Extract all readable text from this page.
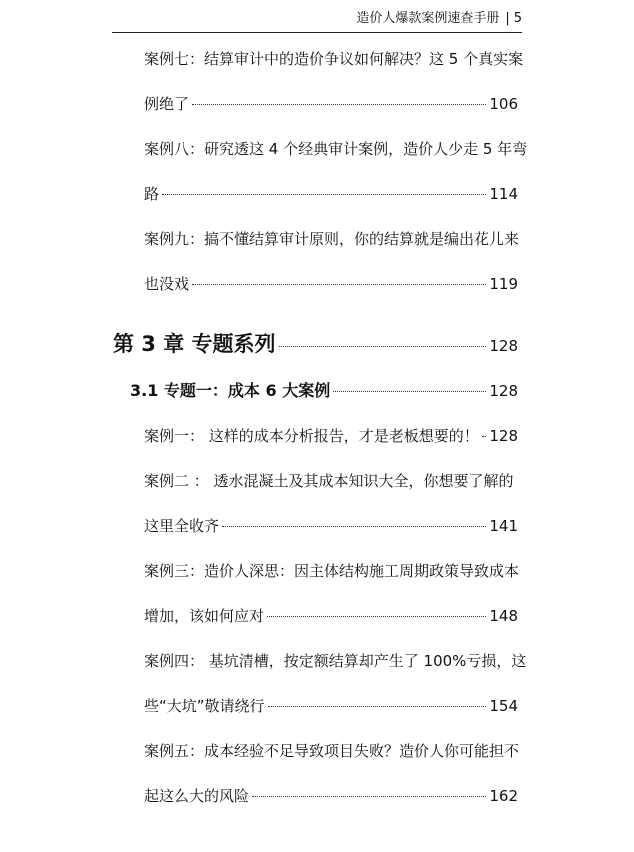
造价人爆款案例速查手册 | 5
案例七：结算审计中的造价争议如何解决？这 5 个真实案
例绝了	106
案例八：研究透这 4 个经典审计案例，造价人少走 5 年弯
路	114
案例九：搞不懂结算审计原则，你的结算就是编出花儿来
也没戏	119
第 3 章 专题系列	128
3.1 专题一：成本 6 大案例	128
案例一： 这样的成本分析报告，才是老板想要的！ 128
案例二 ： 透水混凝土及其成本知识大全，你想要了解的
这里全收齐	141
案例三：造价人深思：因主体结构施工周期政策导致成本
增加，该如何应对	148
案例四： 基坑清槽，按定额结算却产生了 100%亏损，这
些“大坑”敬请绕行	154
案例五：成本经验不足导致项目失败？造价人你可能担不
起这么大的风险	162
